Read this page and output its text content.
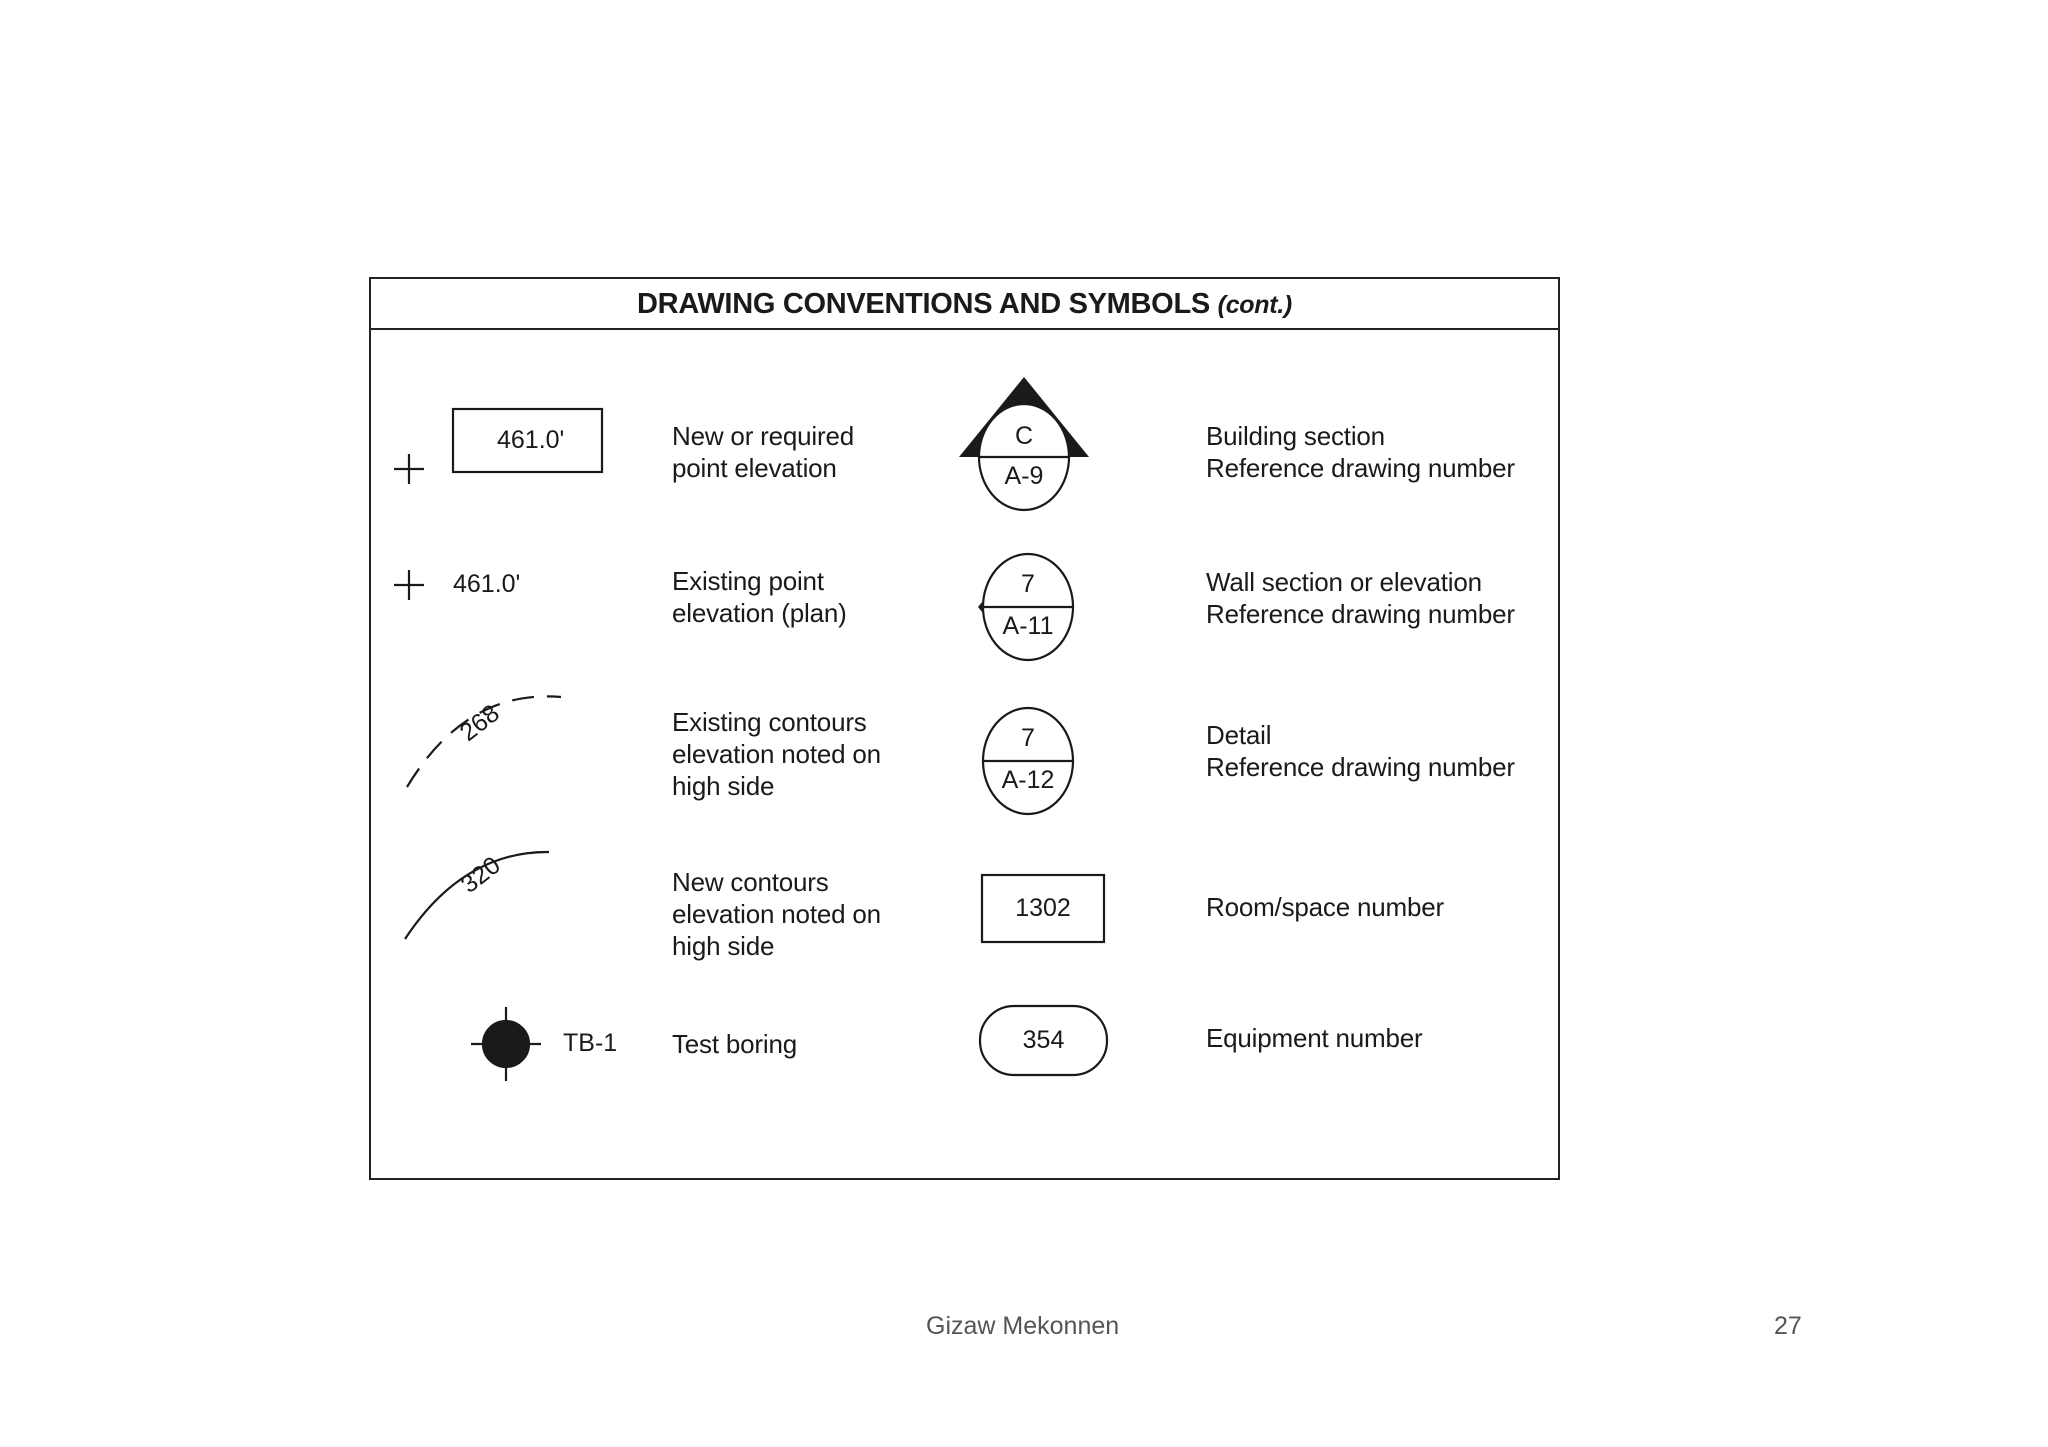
DRAWING CONVENTIONS AND SYMBOLS (cont.)
461.0'
461.0'
268
320
TB-1
New or required
point elevation
Existing point
elevation (plan)
Existing contours
elevation noted on
high side
New contours
elevation noted on
high side
Test boring
C
A-9
7
A-11
7
A-12
1302
354
Building section
Reference drawing number
Wall section or elevation
Reference drawing number
Detail
Reference drawing number
Room/space number
Equipment number
Gizaw Mekonnen	27
